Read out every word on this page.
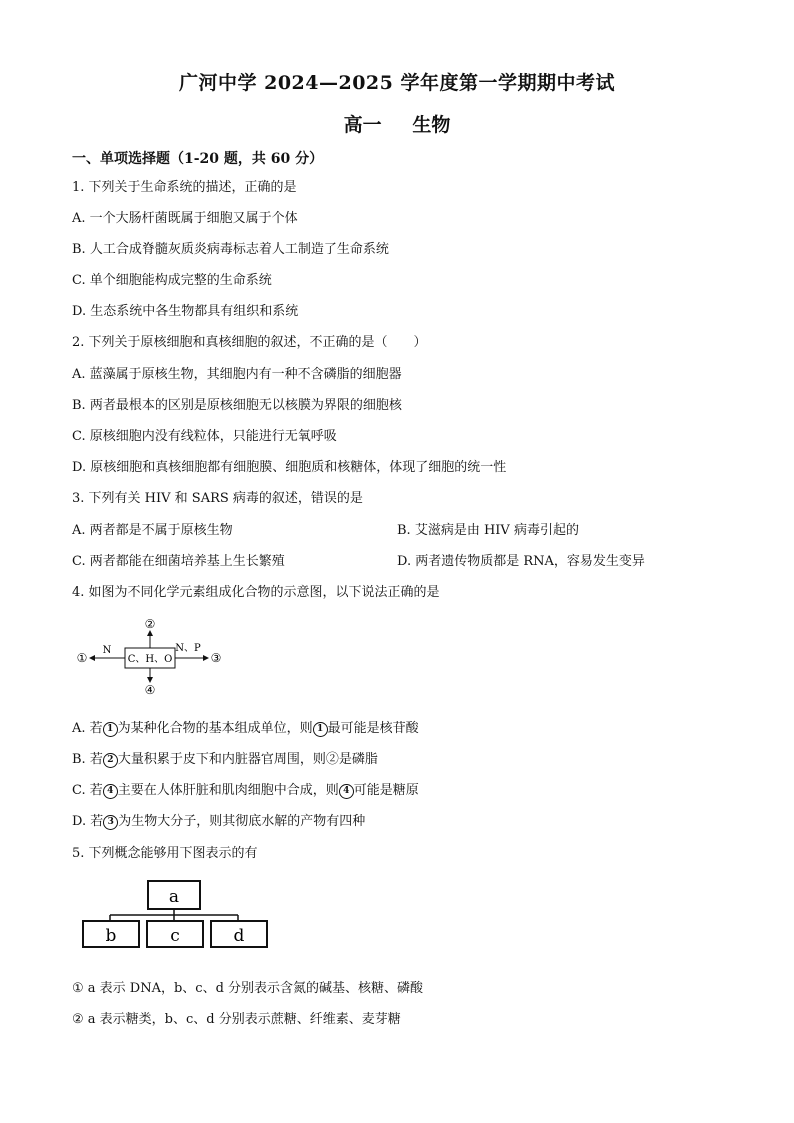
广河中学 2024—2025 学年度第一学期期中考试
高一 生物
一、单项选择题（1-20 题，共 60 分）
1. 下列关于生命系统的描述，正确的是
A. 一个大肠杆菌既属于细胞又属于个体
B. 人工合成脊髓灰质炎病毒标志着人工制造了生命系统
C. 单个细胞能构成完整的生命系统
D. 生态系统中各生物都具有组织和系统
2. 下列关于原核细胞和真核细胞的叙述，不正确的是（　　）
A. 蓝藻属于原核生物，其细胞内有一种不含磷脂的细胞器
B. 两者最根本的区别是原核细胞无以核膜为界限的细胞核
C. 原核细胞内没有线粒体，只能进行无氧呼吸
D. 原核细胞和真核细胞都有细胞膜、细胞质和核糖体，体现了细胞的统一性
3. 下列有关 HIV 和 SARS 病毒的叙述，错误的是
A. 两者都是不属于原核生物	B. 艾滋病是由 HIV 病毒引起的
C. 两者都能在细菌培养基上生长繁殖	D. 两者遗传物质都是 RNA，容易发生变异
4. 如图为不同化学元素组成化合物的示意图，以下说法正确的是
C、H、O
N	N、P
①
②
③
④
A. 若 1 为某种化合物的基本组成单位，则 1 最可能是核苷酸
B. 若 2 大量积累于皮下和内脏器官周围，则②是磷脂
C. 若 4 主要在人体肝脏和肌肉细胞中合成，则 4 可能是糖原
D. 若 3 为生物大分子，则其彻底水解的产物有四种
5. 下列概念能够用下图表示的有
a
b	c	d
① a 表示 DNA，b、c、d 分别表示含氮的碱基、核糖、磷酸
② a 表示糖类，b、c、d 分别表示蔗糖、纤维素、麦芽糖
